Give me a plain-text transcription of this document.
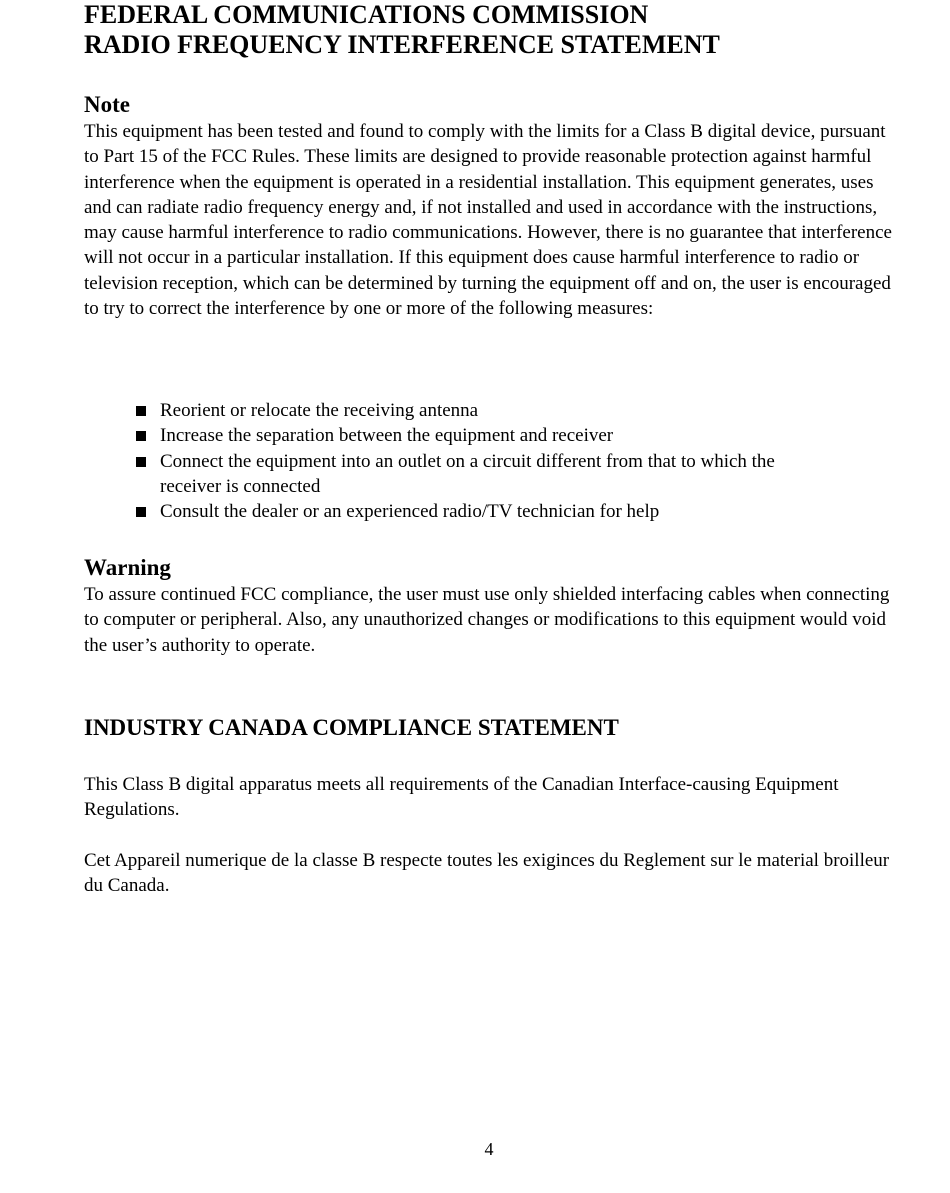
FEDERAL COMMUNICATIONS COMMISSION
RADIO FREQUENCY INTERFERENCE STATEMENT
Note

This equipment has been tested and found to comply with the limits for a Class B digital device, pursuant to Part 15 of the FCC Rules. These limits are designed to provide reasonable protection against harmful interference when the equipment is operated in a residential installation. This equipment generates, uses and can radiate radio frequency energy and, if not installed and used in accordance with the instructions, may cause harmful interference to radio communications. However, there is no guarantee that interference will not occur in a particular installation. If this equipment does cause harmful interference to radio or television reception, which can be determined by turning the equipment off and on, the user is encouraged to try to correct the interference by one or more of the following measures:

Reorient or relocate the receiving antenna
Increase the separation between the equipment and receiver
Connect the equipment into an outlet on a circuit different from that to which the receiver is connected
Consult the dealer or an experienced radio/TV technician for help
Warning

To assure continued FCC compliance, the user must use only shielded interfacing cables when connecting to computer or peripheral. Also, any unauthorized changes or modifications to this equipment would void the user’s authority to operate.

INDUSTRY CANADA COMPLIANCE STATEMENT

This Class B digital apparatus meets all requirements of the Canadian Interface-causing Equipment Regulations.

Cet Appareil numerique de la classe B respecte toutes les exiginces du Reglement sur le material broilleur du Canada.

4
